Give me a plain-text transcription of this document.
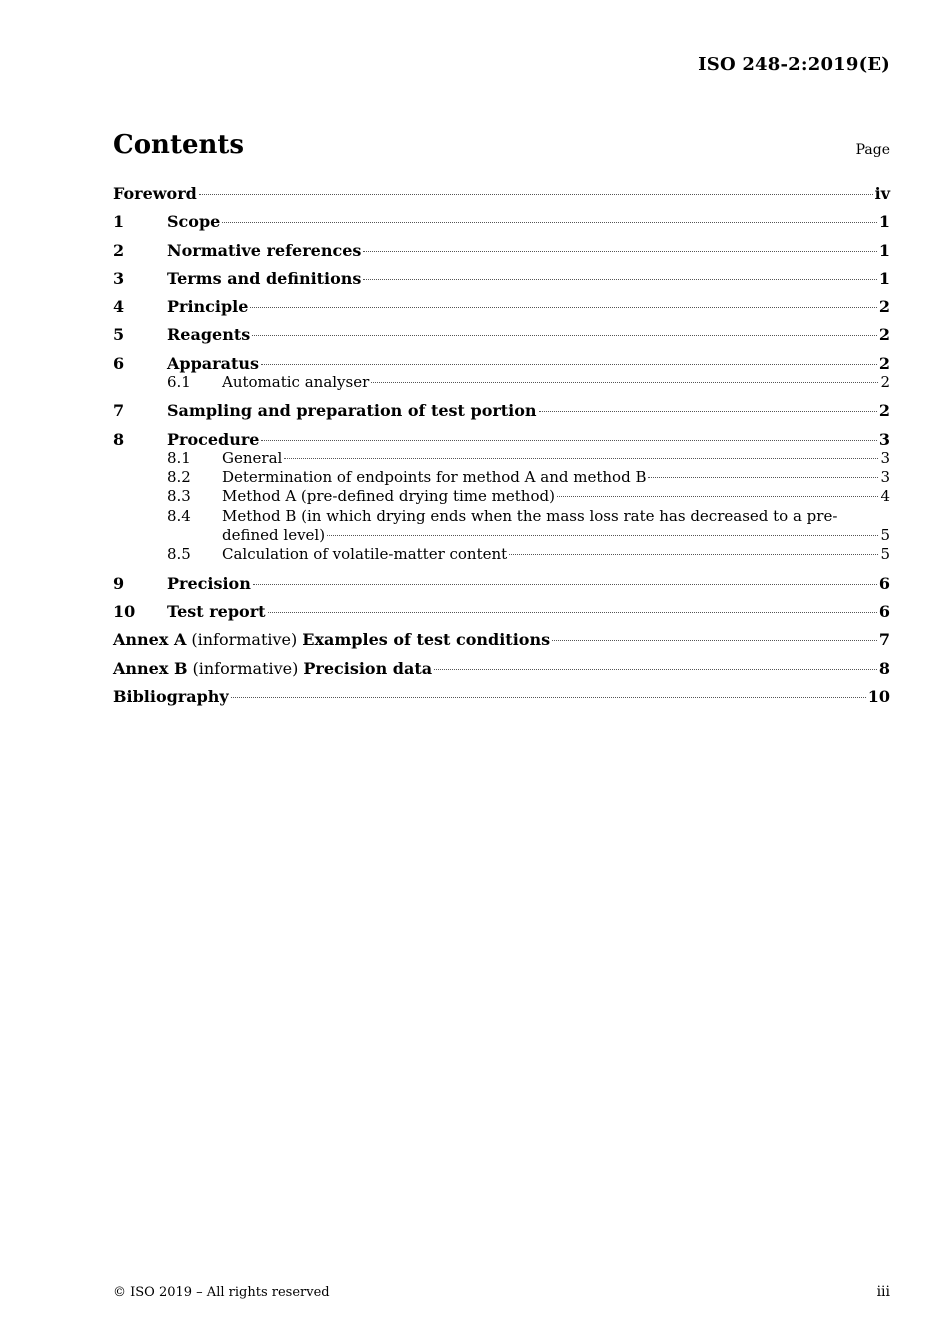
ISO 248-2:2019(E)
Contents	Page
Foreword	iv
1	Scope	1
2	Normative references	1
3	Terms and definitions	1
4	Principle	2
5	Reagents	2
6	Apparatus	2
6.1	Automatic analyser	2
7	Sampling and preparation of test portion	2
8	Procedure	3
8.1	General	3
8.2	Determination of endpoints for method A and method B	3
8.3	Method A (pre-defined drying time method)	4
8.4	Method B (in which drying ends when the mass loss rate has decreased to a pre-
defined level)	5
8.5	Calculation of volatile-matter content	5
9	Precision	6
10	Test report	6
Annex A (informative) Examples of test conditions	7
Annex B (informative) Precision data	8
Bibliography	10
© ISO 2019 – All rights reserved	iii
